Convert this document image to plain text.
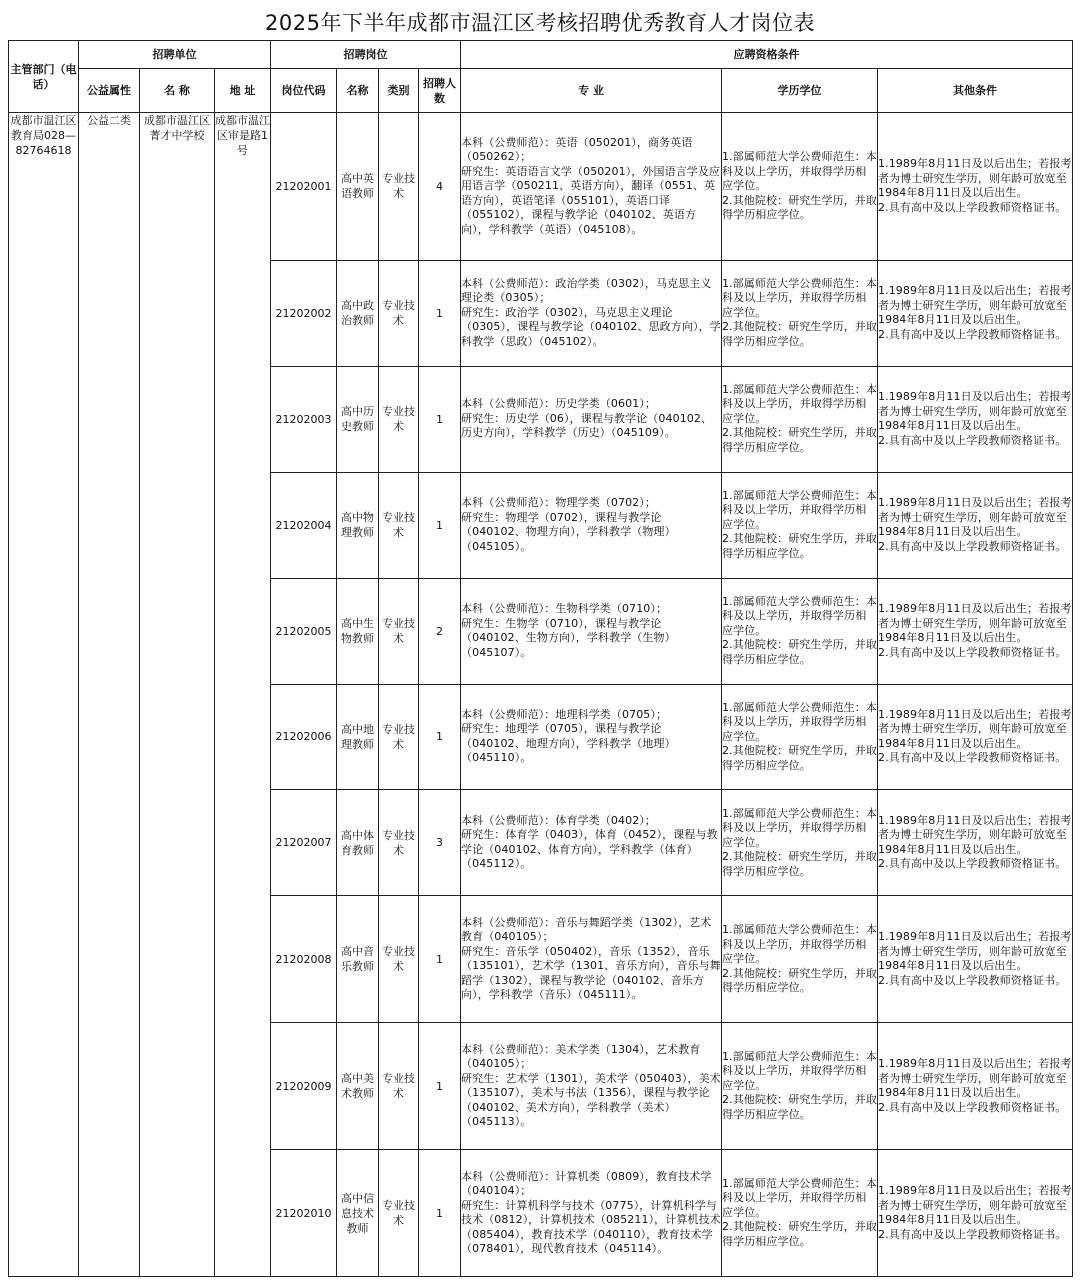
2025年下半年成都市温江区考核招聘优秀教育人才岗位表
主管部门（电话）	招聘单位			招聘岗位				应聘资格条件		
	公益属性	名 称	地 址	岗位代码	名称	类别	招聘人数	专 业	学历学位	其他条件
成都市温江区教育局028—82764618	公益二类	成都市温江区菁才中学校	成都市温江区审是路1号	21202001	高中英语教师	专业技术	4	本科（公费师范）：英语（050201），商务英语（050262）；
研究生：英语语言文学（050201），外国语言学及应用语言学（050211、英语方向），翻译（0551、英语方向），英语笔译（055101），英语口译（055102），课程与教学论（040102、英语方向），学科教学（英语）（045108）。	1.部属师范大学公费师范生：本科及以上学历，并取得学历相应学位。
2.其他院校：研究生学历，并取得学历相应学位。	1.1989年8月11日及以后出生；若报考者为博士研究生学历，则年龄可放宽至1984年8月11日及以后出生。
2.具有高中及以上学段教师资格证书。
				21202002	高中政治教师	专业技术	1	本科（公费师范）：政治学类（0302），马克思主义理论类（0305）；
研究生：政治学（0302），马克思主义理论（0305），课程与教学论（040102、思政方向），学科教学（思政）（045102）。	1.部属师范大学公费师范生：本科及以上学历，并取得学历相应学位。
2.其他院校：研究生学历，并取得学历相应学位。	1.1989年8月11日及以后出生；若报考者为博士研究生学历，则年龄可放宽至1984年8月11日及以后出生。
2.具有高中及以上学段教师资格证书。
				21202003	高中历史教师	专业技术	1	本科（公费师范）：历史学类（0601）；
研究生：历史学（06），课程与教学论（040102、历史方向），学科教学（历史）（045109）。	1.部属师范大学公费师范生：本科及以上学历，并取得学历相应学位。
2.其他院校：研究生学历，并取得学历相应学位。	1.1989年8月11日及以后出生；若报考者为博士研究生学历，则年龄可放宽至1984年8月11日及以后出生。
2.具有高中及以上学段教师资格证书。
				21202004	高中物理教师	专业技术	1	本科（公费师范）：物理学类（0702）；
研究生：物理学（0702），课程与教学论（040102、物理方向），学科教学（物理）（045105）。	1.部属师范大学公费师范生：本科及以上学历，并取得学历相应学位。
2.其他院校：研究生学历，并取得学历相应学位。	1.1989年8月11日及以后出生；若报考者为博士研究生学历，则年龄可放宽至1984年8月11日及以后出生。
2.具有高中及以上学段教师资格证书。
				21202005	高中生物教师	专业技术	2	本科（公费师范）：生物科学类（0710）；
研究生：生物学（0710），课程与教学论（040102、生物方向），学科教学（生物）（045107）。	1.部属师范大学公费师范生：本科及以上学历，并取得学历相应学位。
2.其他院校：研究生学历，并取得学历相应学位。	1.1989年8月11日及以后出生；若报考者为博士研究生学历，则年龄可放宽至1984年8月11日及以后出生。
2.具有高中及以上学段教师资格证书。
				21202006	高中地理教师	专业技术	1	本科（公费师范）：地理科学类（0705）；
研究生：地理学（0705），课程与教学论（040102、地理方向），学科教学（地理）（045110）。	1.部属师范大学公费师范生：本科及以上学历，并取得学历相应学位。
2.其他院校：研究生学历，并取得学历相应学位。	1.1989年8月11日及以后出生；若报考者为博士研究生学历，则年龄可放宽至1984年8月11日及以后出生。
2.具有高中及以上学段教师资格证书。
				21202007	高中体育教师	专业技术	3	本科（公费师范）：体育学类（0402）；
研究生：体育学（0403），体育（0452），课程与教学论（040102、体育方向），学科教学（体育）（045112）。	1.部属师范大学公费师范生：本科及以上学历，并取得学历相应学位。
2.其他院校：研究生学历，并取得学历相应学位。	1.1989年8月11日及以后出生；若报考者为博士研究生学历，则年龄可放宽至1984年8月11日及以后出生。
2.具有高中及以上学段教师资格证书。
				21202008	高中音乐教师	专业技术	1	本科（公费师范）：音乐与舞蹈学类（1302），艺术教育（040105）；
研究生：音乐学（050402），音乐（1352），音乐（135101），艺术学（1301、音乐方向），音乐与舞蹈学（1302），课程与教学论（040102、音乐方向），学科教学（音乐）（045111）。	1.部属师范大学公费师范生：本科及以上学历，并取得学历相应学位。
2.其他院校：研究生学历，并取得学历相应学位。	1.1989年8月11日及以后出生；若报考者为博士研究生学历，则年龄可放宽至1984年8月11日及以后出生。
2.具有高中及以上学段教师资格证书。
				21202009	高中美术教师	专业技术	1	本科（公费师范）：美术学类（1304），艺术教育（040105）；
研究生：艺术学（1301），美术学（050403），美术（135107），美术与书法（1356），课程与教学论（040102、美术方向），学科教学（美术）（045113）。	1.部属师范大学公费师范生：本科及以上学历，并取得学历相应学位。
2.其他院校：研究生学历，并取得学历相应学位。	1.1989年8月11日及以后出生；若报考者为博士研究生学历，则年龄可放宽至1984年8月11日及以后出生。
2.具有高中及以上学段教师资格证书。
				21202010	高中信息技术教师	专业技术	1	本科（公费师范）：计算机类（0809），教育技术学（040104）；
研究生：计算机科学与技术（0775），计算机科学与技术（0812），计算机技术（085211），计算机技术（085404），教育技术学（040110），教育技术学（078401），现代教育技术（045114）。	1.部属师范大学公费师范生：本科及以上学历，并取得学历相应学位。
2.其他院校：研究生学历，并取得学历相应学位。	1.1989年8月11日及以后出生；若报考者为博士研究生学历，则年龄可放宽至1984年8月11日及以后出生。
2.具有高中及以上学段教师资格证书。
